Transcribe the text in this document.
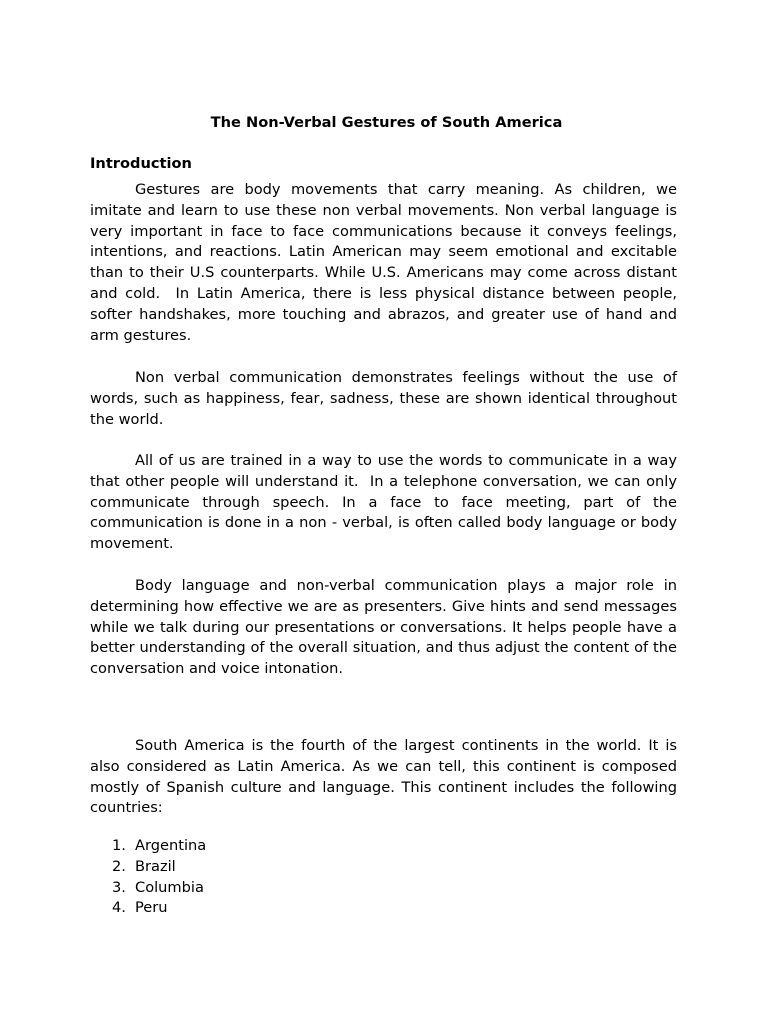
The Non-Verbal Gestures of South America
Introduction

Gestures are body movements that carry meaning. As children, we imitate and learn to use these non verbal movements. Non verbal language is very important in face to face communications because it conveys feelings, intentions, and reactions. Latin American may seem emotional and excitable than to their U.S counterparts. While U.S. Americans may come across distant and cold.  In Latin America, there is less physical distance between people, softer handshakes, more touching and abrazos, and greater use of hand and arm gestures.

Non verbal communication demonstrates feelings without the use of words, such as happiness, fear, sadness, these are shown identical throughout the world.

All of us are trained in a way to use the words to communicate in a way that other people will understand it.  In a telephone conversation, we can only communicate through speech. In a face to face meeting, part of the communication is done in a non - verbal, is often called body language or body movement.

Body language and non-verbal communication plays a major role in determining how effective we are as presenters. Give hints and send messages while we talk during our presentations or conversations. It helps people have a better understanding of the overall situation, and thus adjust the content of the conversation and voice intonation.

South America is the fourth of the largest continents in the world. It is also considered as Latin America. As we can tell, this continent is composed mostly of Spanish culture and language. This continent includes the following countries:

1. Argentina
2. Brazil
3. Columbia
4. Peru
